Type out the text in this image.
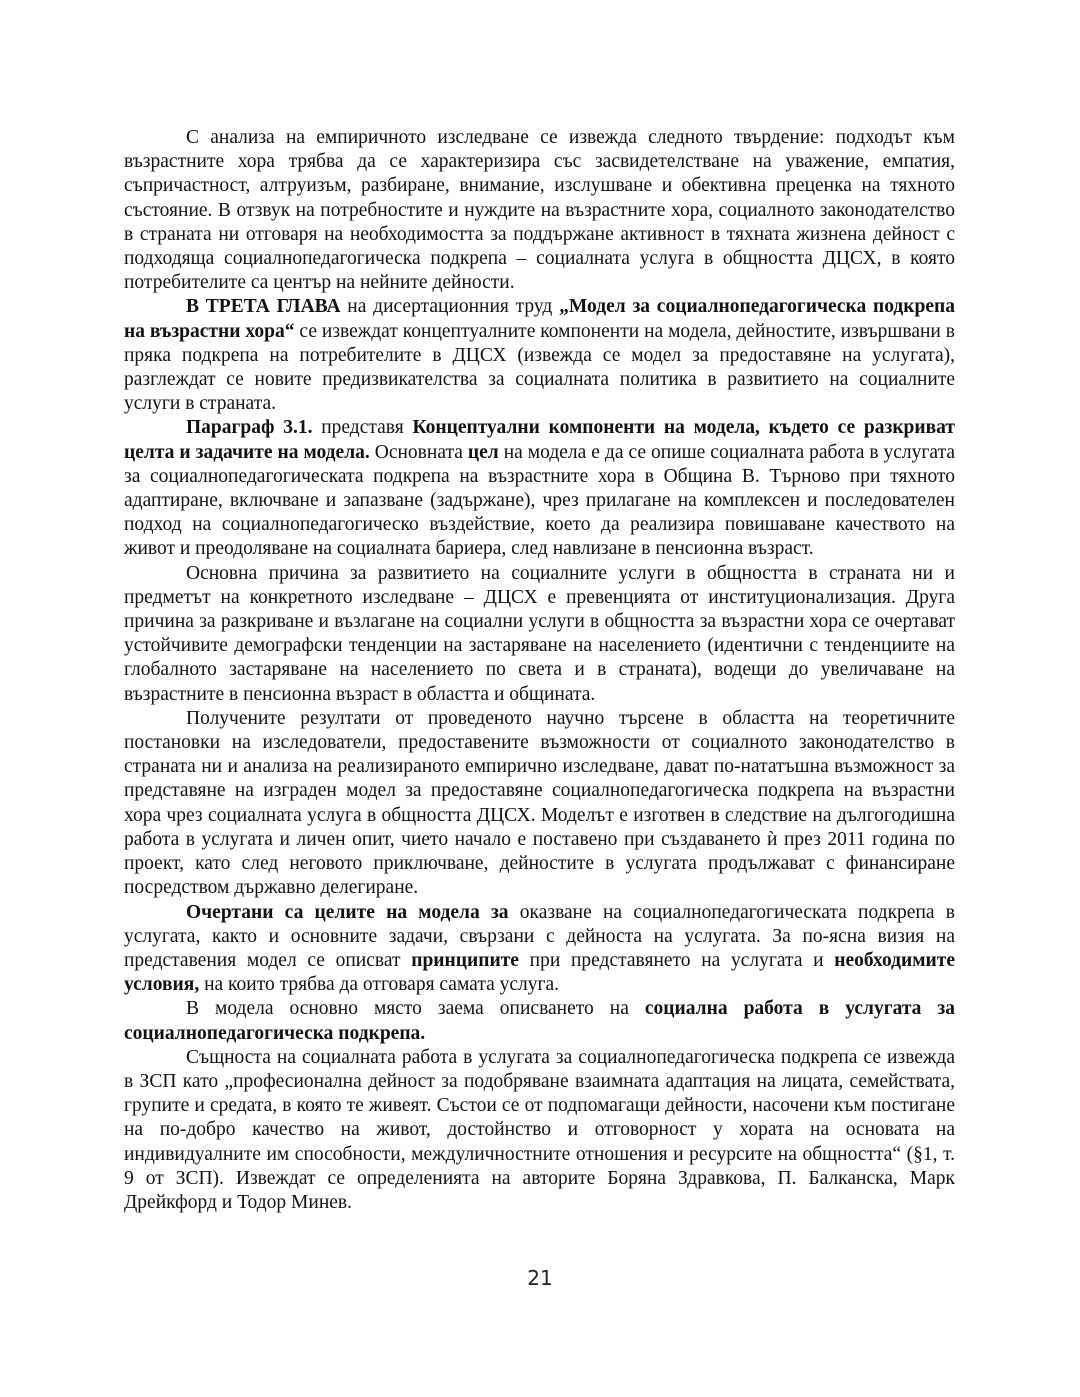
С анализа на емпиричното изследване се извежда следното твърдение: подходът към възрастните хора трябва да се характеризира със засвидетелстване на уважение, емпатия, съпричастност, алтруизъм, разбиране, внимание, изслушване и обективна преценка на тяхното състояние. В отзвук на потребностите и нуждите на възрастните хора, социалното законодателство в страната ни отговаря на необходимостта за поддържане активност в тяхната жизнена дейност с подходяща социалнопедагогическа подкрепа – социалната услуга в общността ДЦСХ, в която потребителите са център на нейните дейности.

В ТРЕТА ГЛАВА на дисертационния труд „Модел за социалнопедагогическа подкрепа на възрастни хора“ се извеждат концептуалните компоненти на модела, дейностите, извършвани в пряка подкрепа на потребителите в ДЦСХ (извежда се модел за предоставяне на услугата), разглеждат се новите предизвикателства за социалната политика в развитието на социалните услуги в страната.

Параграф 3.1. представя Концептуални компоненти на модела, където се разкриват целта и задачите на модела. Основната цел на модела е да се опише социалната работа в услугата за социалнопедагогическата подкрепа на възрастните хора в Община В. Търново при тяхното адаптиране, включване и запазване (задържане), чрез прилагане на комплексен и последователен подход на социалнопедагогическо въздействие, което да реализира повишаване качеството на живот и преодоляване на социалната бариера, след навлизане в пенсионна възраст.

Основна причина за развитието на социалните услуги в общността в страната ни и предметът на конкретното изследване – ДЦСХ е превенцията от институционализация. Друга причина за разкриване и възлагане на социални услуги в общността за възрастни хора се очертават устойчивите демографски тенденции на застаряване на населението (идентични с тенденциите на глобалното застаряване на населението по света и в страната), водещи до увеличаване на възрастните в пенсионна възраст в областта и общината.

Получените резултати от проведеното научно търсене в областта на теоретичните постановки на изследователи, предоставените възможности от социалното законодателство в страната ни и анализа на реализираното емпирично изследване, дават по-нататъшна възможност за представяне на изграден модел за предоставяне социалнопедагогическа подкрепа на възрастни хора чрез социалната услуга в общността ДЦСХ. Моделът е изготвен в следствие на дългогодишна работа в услугата и личен опит, чието начало е поставено при създаването ѝ през 2011 година по проект, като след неговото приключване, дейностите в услугата продължават с финансиране посредством държавно делегиране.

Очертани са целите на модела за оказване на социалнопедагогическата подкрепа в услугата, както и основните задачи, свързани с дейноста на услугата. За по-ясна визия на представения модел се описват принципите при представянето на услугата и необходимите условия, на които трябва да отговаря самата услуга.

В модела основно място заема описването на социална работа в услугата за социалнопедагогическа подкрепа.

Същноста на социалната работа в услугата за социалнопедагогическа подкрепа се извежда в ЗСП като „професионална дейност за подобряване взаимната адаптация на лицата, семействата, групите и средата, в която те живеят. Състои се от подпомагащи дейности, насочени към постигане на по-добро качество на живот, достойнство и отговорност у хората на основата на индивидуалните им способности, междуличностните отношения и ресурсите на общността“ (§1, т. 9 от ЗСП). Извеждат се определенията на авторите Боряна Здравкова, П. Балканска, Марк Дрейкфорд и Тодор Минев.

21
